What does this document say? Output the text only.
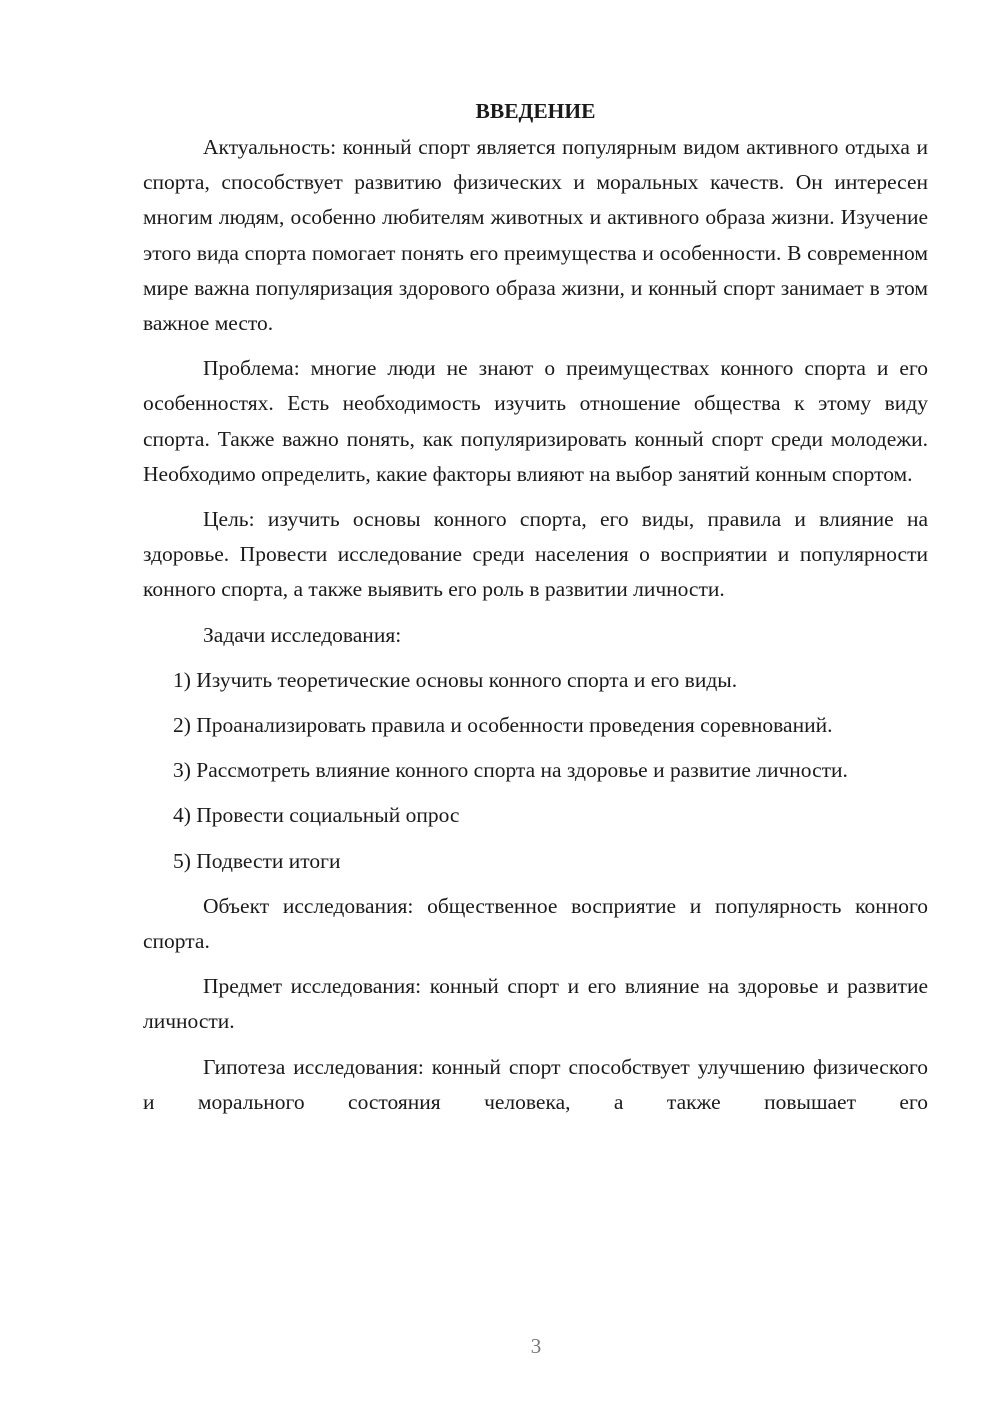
ВВЕДЕНИЕ

Актуальность: конный спорт является популярным видом активного отдыха и спорта, способствует развитию физических и моральных качеств. Он интересен многим людям, особенно любителям животных и активного образа жизни. Изучение этого вида спорта помогает понять его преимущества и особенности. В современном мире важна популяризация здорового образа жизни, и конный спорт занимает в этом важное место.

Проблема: многие люди не знают о преимуществах конного спорта и его особенностях. Есть необходимость изучить отношение общества к этому виду спорта. Также важно понять, как популяризировать конный спорт среди молодежи. Необходимо определить, какие факторы влияют на выбор занятий конным спортом.

Цель: изучить основы конного спорта, его виды, правила и влияние на здоровье. Провести исследование среди населения о восприятии и популярности конного спорта, а также выявить его роль в развитии личности.

Задачи исследования:

1) Изучить теоретические основы конного спорта и его виды.

2) Проанализировать правила и особенности проведения соревнований.

3) Рассмотреть влияние конного спорта на здоровье и развитие личности.

4) Провести социальный опрос

5) Подвести итоги

Объект исследования: общественное восприятие и популярность конного спорта.

Предмет исследования: конный спорт и его влияние на здоровье и развитие личности.

Гипотеза исследования: конный спорт способствует улучшению физического и морального состояния человека, а также повышает его

3
